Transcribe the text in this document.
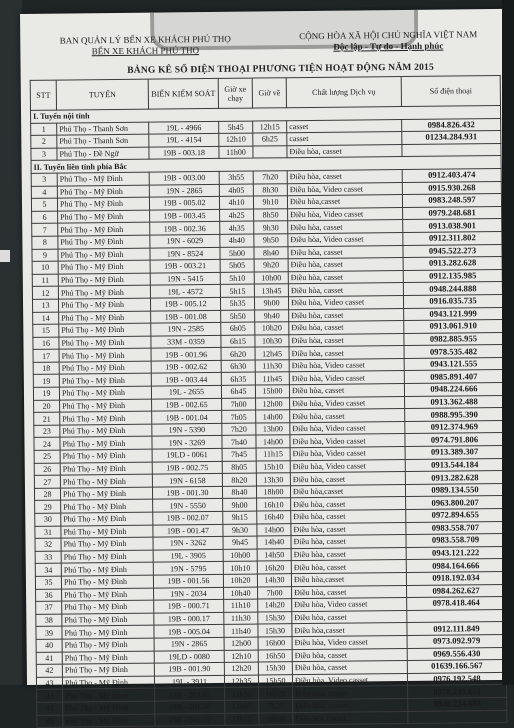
BAN QUẢN LÝ BẾN XE KHÁCH PHÚ THỌ
BẾN XE KHÁCH PHÚ THỌ
CỘNG HÒA XÃ HỘI CHỦ NGHĨA VIỆT NAM
Độc lập - Tự do - Hạnh phúc
BẢNG KÊ SỐ ĐIỆN THOẠI PHƯƠNG TIỆN HOẠT ĐỘNG NĂM 2015
STT	TUYẾN	BIỂN KIỂM SOÁT	Giờ xe chạy	Giờ về	Chất lượng Dịch vụ	Số điện thoại
I. Tuyến nội tỉnh						
1	Phú Thọ - Thanh Sơn	19L - 4966	5h45	12h15	casset	0984.826.432
2	Phú Thọ - Thanh Sơn	19L - 4154	12h10	6h25	casset	01234.284.931
3	Phú Thọ - Đề Ngữ	19B - 003.18	11h00		Điều hòa, casset	
II. Tuyến liên tỉnh phía Bắc						
3	Phú Thọ - Mỹ Đình	19B - 003.00	3h55	7h20	Điều hòa, casset	0912.403.474
4	Phú Thọ - Mỹ Đình	19N - 2865	4h05	8h30	Điều hòa, Video casset	0915.930.268
5	Phú Thọ - Mỹ Đình	19B - 005.02	4h10	9h10	Điều hòa,casset	0983.248.597
6	Phú Thọ - Mỹ Đình	19B - 003.45	4h25	8h50	Điều hòa, Video casset	0979.248.681
7	Phú Thọ - Mỹ Đình	19B - 002.36	4h35	9h30	Điều hòa, casset	0913.038.901
8	Phú Thọ - Mỹ Đình	19N - 6029	4h40	9h50	Điều hòa, Video casset	0912.311.802
9	Phú Thọ - Mỹ Đình	19N - 8524	5h00	8h40	Điều hòa, casset	0945.522.273
10	Phú Thọ - Mỹ Đình	19B - 003.21	5h05	9h20	Điều hòa, casset	0913.282.628
11	Phú Thọ - Mỹ Đình	19N - 5415	5h10	10h00	Điều hòa, casset	0912.135.985
12	Phú Thọ - Mỹ Đình	19L - 4572	5h15	13h45	Điều hòa, casset	0948.244.888
13	Phú Thọ - Mỹ Đình	19B - 005.12	5h35	9h00	Điều hòa, Video casset	0916.035.735
14	Phú Thọ - Mỹ Đình	19B - 001.08	5h50	9h40	Điều hòa, casset	0943.121.999
15	Phú Thọ - Mỹ Đình	19N - 2585	6h05	10h20	Điều hòa, casset	0913.061.910
16	Phú Thọ - Mỹ Đình	33M - 0359	6h15	10h30	Điều hòa, casset	0982.885.955
17	Phú Thọ - Mỹ Đình	19B - 001.96	6h20	12h45	Điều hòa, casset	0978.535.482
18	Phú Thọ - Mỹ Đình	19B - 002.62	6h30	11h30	Điều hòa, Video casset	0943.121.555
19	Phú Thọ - Mỹ Đình	19B - 003.44	6h35	11h45	Điều hòa, Video casset	0985.891.407
19	Phú Thọ - Mỹ Đình	19L - 2655	6h45	15h00	Điều hòa, casset	0948.224.666
20	Phú Thọ - Mỹ Đình	19B - 002.65	7h00	12h00	Điều hòa, Video casset	0913.362.488
21	Phú Thọ - Mỹ Đình	19B - 001.04	7h05	14h00	Điều hòa, casset	0988.995.390
23	Phú Thọ - Mỹ Đình	19N - 5390	7h20	13h00	Điều hòa, Video casset	0912.374.969
24	Phú Thọ - Mỹ Đình	19N - 3269	7h40	14h00	Điều hòa, Video casset	0974.791.806
25	Phú Thọ - Mỹ Đình	19LD - 0061	7h45	11h15	Điều hòa, Video casset	0913.389.307
26	Phú Thọ - Mỹ Đình	19B - 002.75	8h05	15h10	Điều hòa, Video casset	0913.544.184
27	Phú Thọ - Mỹ Đình	19N - 6158	8h20	13h30	Điều hòa, casset	0913.282.628
28	Phú Thọ - Mỹ Đình	19B - 001.30	8h40	18h00	Điều hòa,casset	0989.134.550
29	Phú Thọ - Mỹ Đình	19N - 5550	9h00	16h10	Điều hòa, casset	0963.800.207
30	Phú Thọ - Mỹ Đình	19B - 002.07	9h15	16h40	Điều hòa, casset	0972.894.655
31	Phú Thọ - Mỹ Đình	19B - 001.47	9h30	14h00	Điều hòa, casset	0983.558.707
32	Phú Thọ - Mỹ Đình	19N - 3262	9h45	14h40	Điều hòa, casset	0983.558.709
33	Phú Thọ - Mỹ Đình	19L - 3905	10h00	14h50	Điều hòa, casset	0943.121.222
34	Phú Thọ - Mỹ Đình	19N - 5795	10h10	16h20	Điều hòa, casset	0984.164.666
35	Phú Thọ - Mỹ Đình	19B - 001.56	10h20	14h30	Điều hòa,casset	0918.192.034
36	Phú Thọ - Mỹ Đình	19N - 2034	10h40	7h00	Điều hòa, casset	0984.262.627
37	Phú Thọ - Mỹ Đình	19B - 000.71	11h10	14h20	Điều hòa, Video casset	0978.418.464
38	Phú Thọ - Mỹ Đình	19B - 000.17	11h30	15h30	Điều hòa, casset	
39	Phú Thọ - Mỹ Đình	19B - 005.04	11h40	15h30	Điều hòa,casset	0912.111.849
40	Phú Thọ - Mỹ Đình	19N - 2865	12h00	16h00	Điều hòa, Video casset	0973.092.979
41	Phú Thọ - Mỹ Đình	19LD - 0080	12h10	16h50	Điều hòa, casset	0969.556.430
42	Phú Thọ - Mỹ Đình	19B - 001.90	12h20	15h30	Điều hòa, casset	01639.166.567
43	Phú Thọ - Mỹ Đình	19L - 3911	12h35	15h50	Điều hòa, Video casset	0976.192.548
44	Phú Thọ - Mỹ Đình	19B - 003.63	12h50	16h20	Điều hòa, casset	0978.249.655
45	Phú Thọ - Mỹ Đình	19B - 001.50	13h00	7h20	Điều hòa, casset	0948.224.888
46	Phú Thọ - Mỹ Đình	19B - 005.12	13h15	16h50	Điều hòa,casset	
